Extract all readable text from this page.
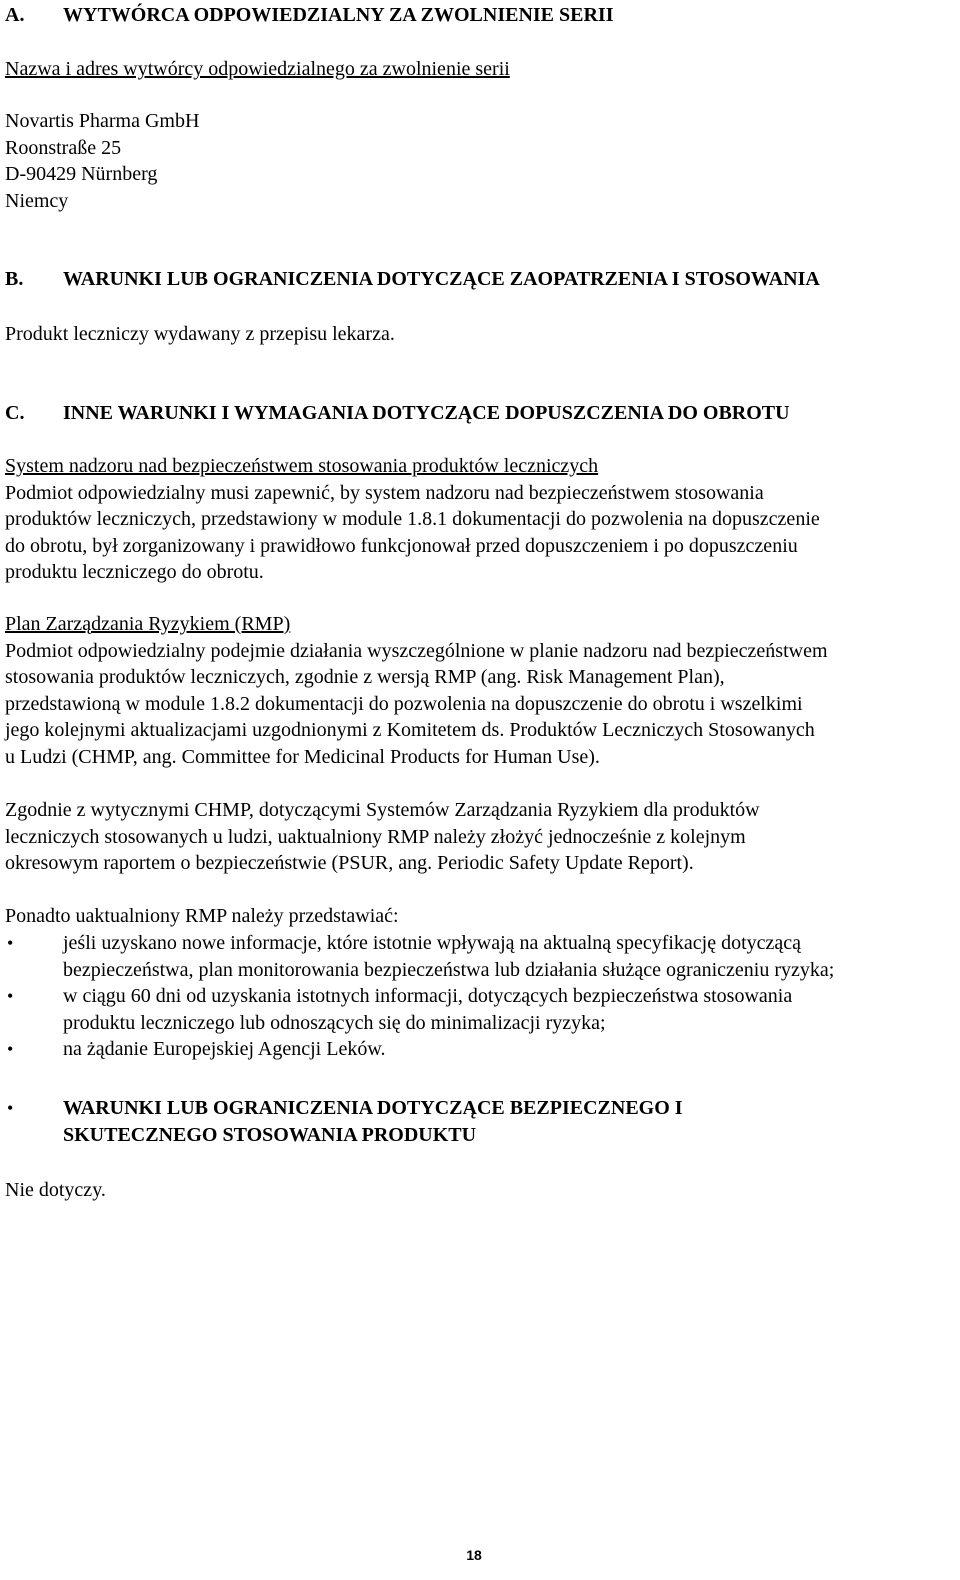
A. WYTWÓRCA ODPOWIEDZIALNY ZA ZWOLNIENIE SERII
Nazwa i adres wytwórcy odpowiedzialnego za zwolnienie serii
Novartis Pharma GmbH
Roonstraße 25
D-90429 Nürnberg
Niemcy
B. WARUNKI LUB OGRANICZENIA DOTYCZĄCE ZAOPATRZENIA I STOSOWANIA
Produkt leczniczy wydawany z przepisu lekarza.
C. INNE WARUNKI I WYMAGANIA DOTYCZĄCE DOPUSZCZENIA DO OBROTU
System nadzoru nad bezpieczeństwem stosowania produktów leczniczych
Podmiot odpowiedzialny musi zapewnić, by system nadzoru nad bezpieczeństwem stosowania
produktów leczniczych, przedstawiony w module 1.8.1 dokumentacji do pozwolenia na dopuszczenie
do obrotu, był zorganizowany i prawidłowo funkcjonował przed dopuszczeniem i po dopuszczeniu
produktu leczniczego do obrotu.
Plan Zarządzania Ryzykiem (RMP)
Podmiot odpowiedzialny podejmie działania wyszczególnione w planie nadzoru nad bezpieczeństwem
stosowania produktów leczniczych, zgodnie z wersją RMP (ang. Risk Management Plan),
przedstawioną w module 1.8.2 dokumentacji do pozwolenia na dopuszczenie do obrotu i wszelkimi
jego kolejnymi aktualizacjami uzgodnionymi z Komitetem ds. Produktów Leczniczych Stosowanych
u Ludzi (CHMP, ang. Committee for Medicinal Products for Human Use).
Zgodnie z wytycznymi CHMP, dotyczącymi Systemów Zarządzania Ryzykiem dla produktów
leczniczych stosowanych u ludzi, uaktualniony RMP należy złożyć jednocześnie z kolejnym
okresowym raportem o bezpieczeństwie (PSUR, ang. Periodic Safety Update Report).
Ponadto uaktualniony RMP należy przedstawiać:
• jeśli uzyskano nowe informacje, które istotnie wpływają na aktualną specyfikację dotyczącą
bezpieczeństwa, plan monitorowania bezpieczeństwa lub działania służące ograniczeniu ryzyka;
• w ciągu 60 dni od uzyskania istotnych informacji, dotyczących bezpieczeństwa stosowania
produktu leczniczego lub odnoszących się do minimalizacji ryzyka;
• na żądanie Europejskiej Agencji Leków.
•	WARUNKI LUB OGRANICZENIA DOTYCZĄCE BEZPIECZNEGO I
SKUTECZNEGO STOSOWANIA PRODUKTU
Nie dotyczy.
18
